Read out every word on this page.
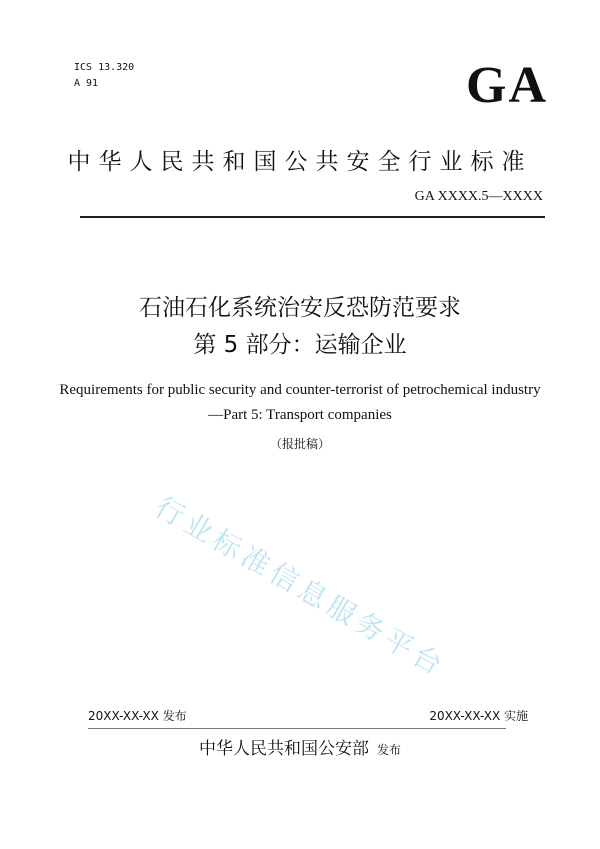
ICS 13.320
A 91	GA
中华人民共和国公共安全行业标准
GA XXXX.5—XXXX
石油石化系统治安反恐防范要求
第 5 部分：运输企业
Requirements for public security and counter-terrorist of petrochemical industry
—Part 5: Transport companies
（报批稿）
行业标准信息服务平台
20XX-XX-XX 发布	20XX-XX-XX 实施
中华人民共和国公安部 发布
